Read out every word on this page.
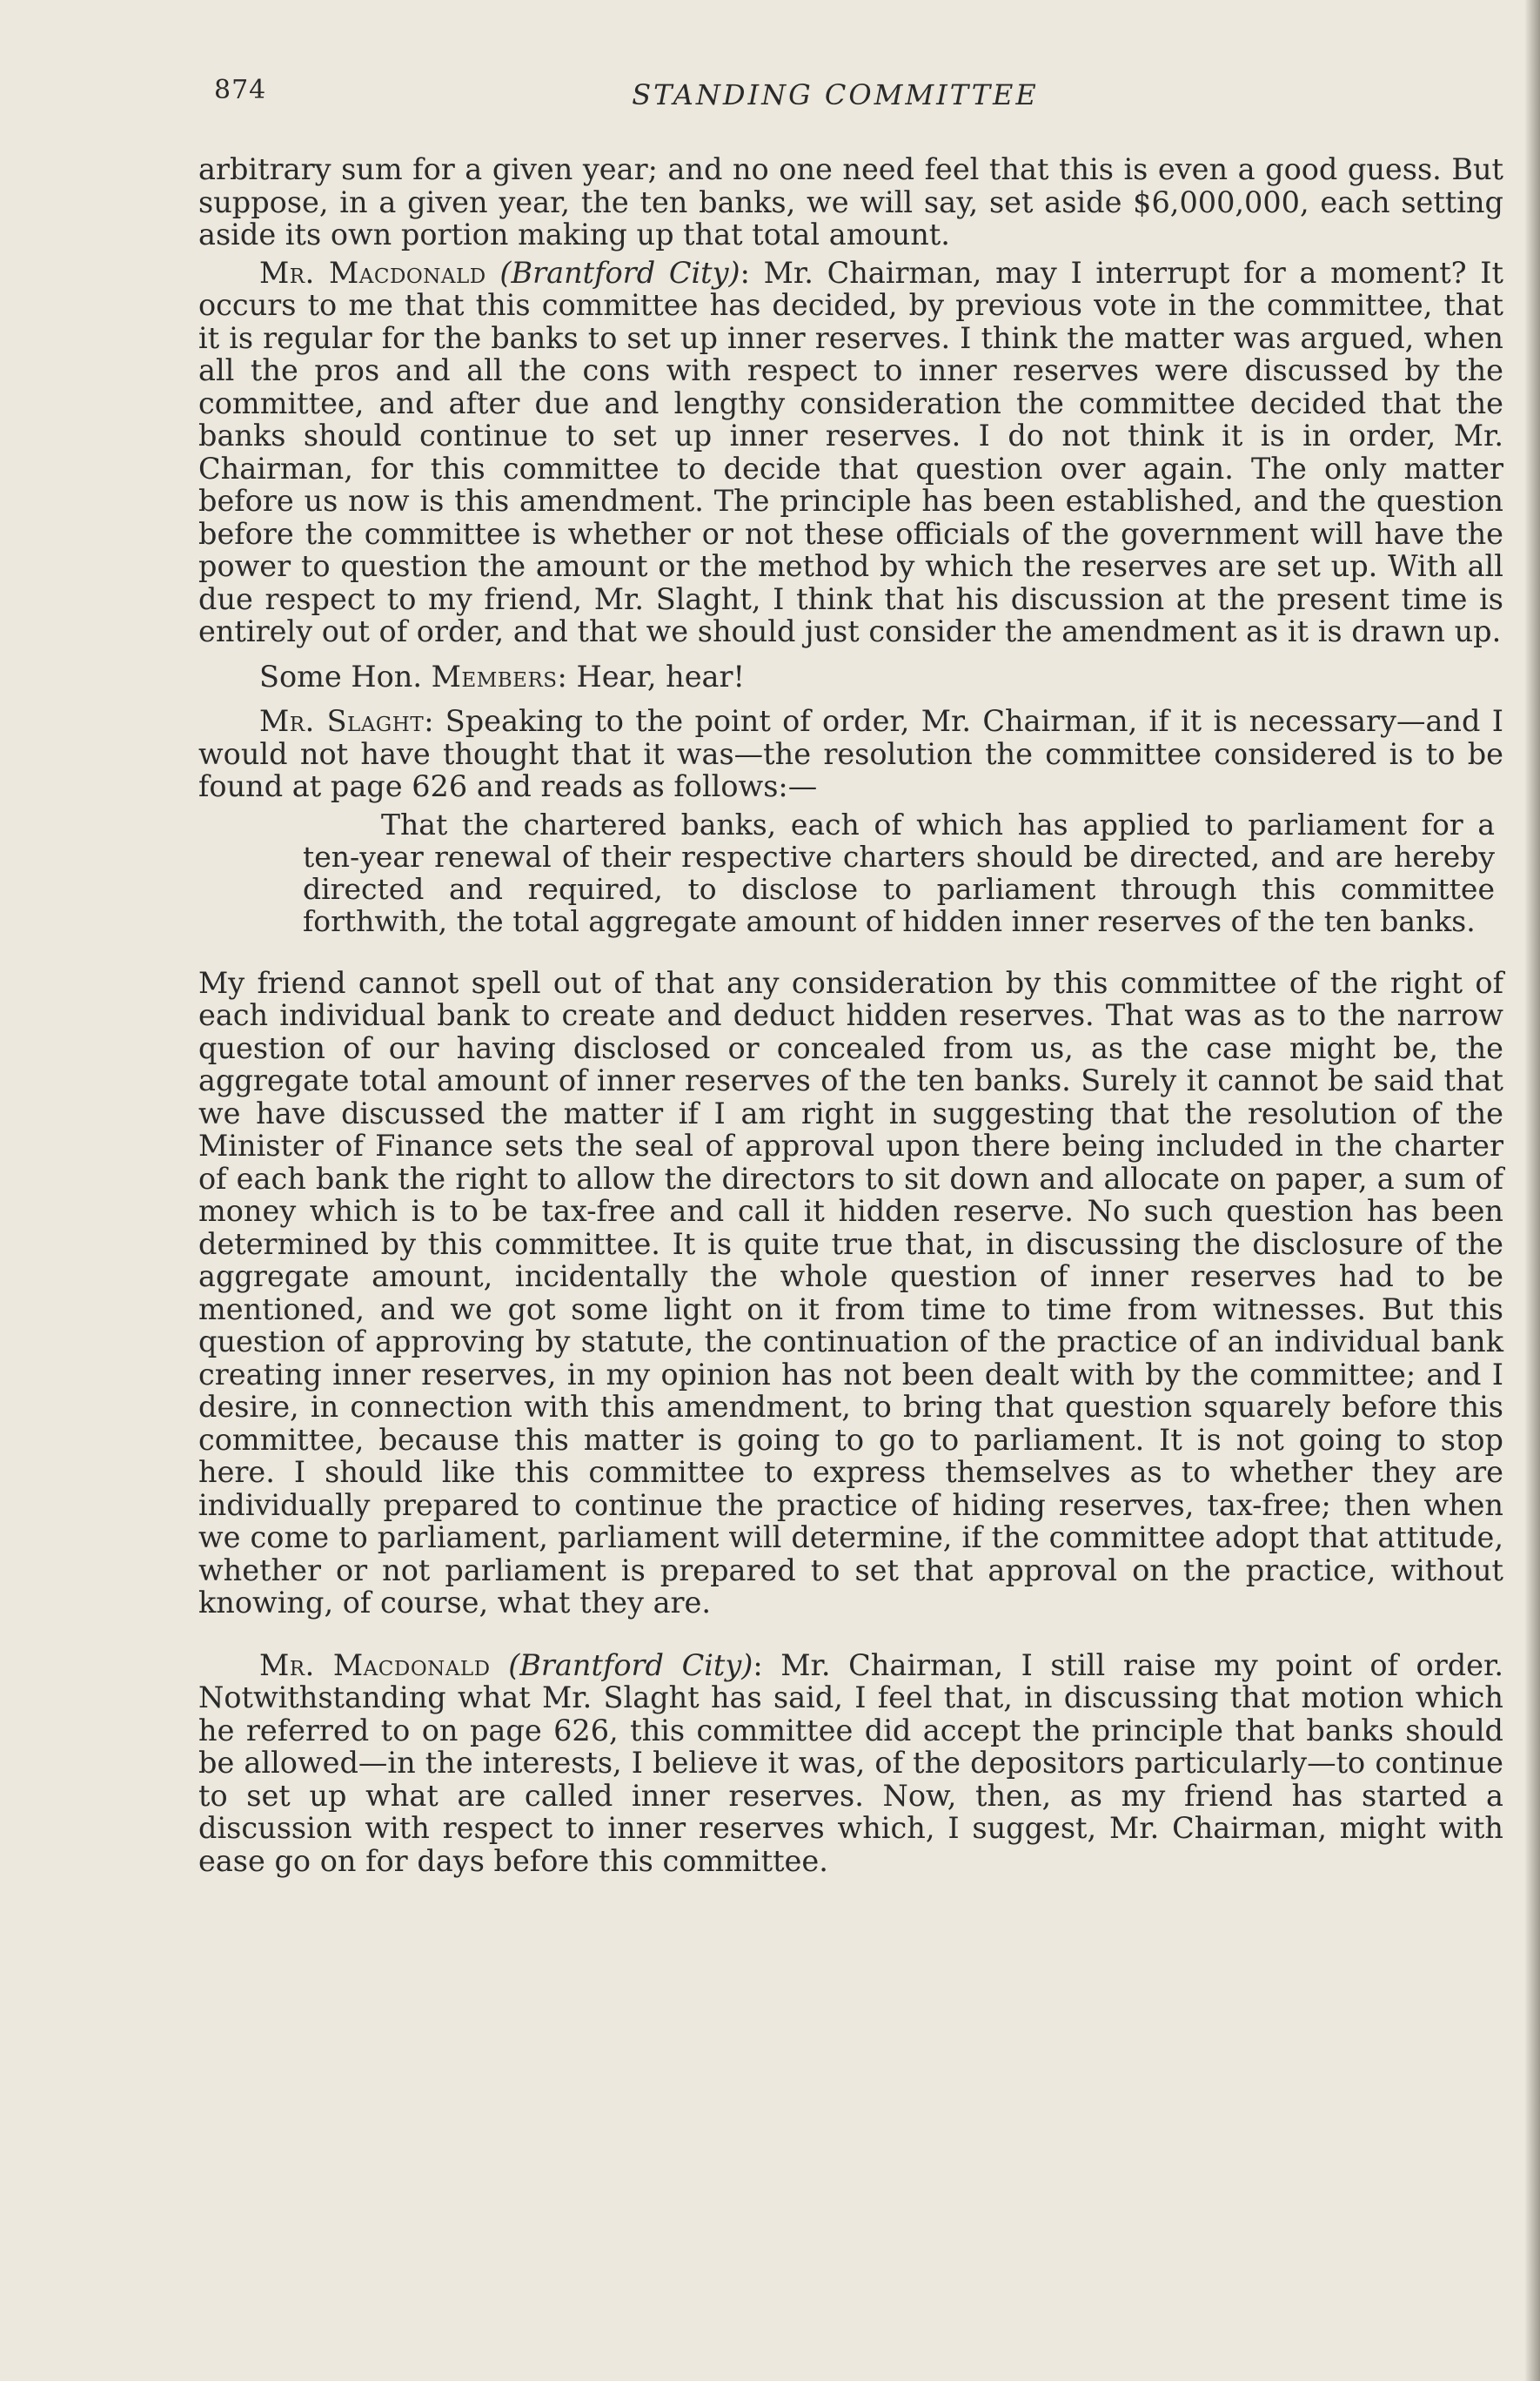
874	STANDING COMMITTEE

arbitrary sum for a given year; and no one need feel that this is even a good guess. But suppose, in a given year, the ten banks, we will say, set aside $6,000,000, each setting aside its own portion making up that total amount.

Mr. Macdonald (Brantford City): Mr. Chairman, may I interrupt for a moment? It occurs to me that this committee has decided, by previous vote in the committee, that it is regular for the banks to set up inner reserves. I think the matter was argued, when all the pros and all the cons with respect to inner reserves were discussed by the committee, and after due and lengthy consideration the committee decided that the banks should continue to set up inner reserves. I do not think it is in order, Mr. Chairman, for this committee to decide that question over again. The only matter before us now is this amendment. The principle has been established, and the question before the committee is whether or not these officials of the government will have the power to question the amount or the method by which the reserves are set up. With all due respect to my friend, Mr. Slaght, I think that his discussion at the present time is entirely out of order, and that we should just consider the amendment as it is drawn up.

Some Hon. Members: Hear, hear!

Mr. Slaght: Speaking to the point of order, Mr. Chairman, if it is necessary—and I would not have thought that it was—the resolution the committee considered is to be found at page 626 and reads as follows:—

That the chartered banks, each of which has applied to parliament for a ten-year renewal of their respective charters should be directed, and are hereby directed and required, to disclose to parliament through this committee forthwith, the total aggregate amount of hidden inner reserves of the ten banks.

My friend cannot spell out of that any consideration by this committee of the right of each individual bank to create and deduct hidden reserves. That was as to the narrow question of our having disclosed or concealed from us, as the case might be, the aggregate total amount of inner reserves of the ten banks. Surely it cannot be said that we have discussed the matter if I am right in suggesting that the resolution of the Minister of Finance sets the seal of approval upon there being included in the charter of each bank the right to allow the directors to sit down and allocate on paper, a sum of money which is to be tax-free and call it hidden reserve. No such question has been determined by this committee. It is quite true that, in discussing the disclosure of the aggregate amount, incidentally the whole question of inner reserves had to be mentioned, and we got some light on it from time to time from witnesses. But this question of approving by statute, the continuation of the practice of an individual bank creating inner reserves, in my opinion has not been dealt with by the committee; and I desire, in connection with this amendment, to bring that question squarely before this committee, because this matter is going to go to parliament. It is not going to stop here. I should like this committee to express themselves as to whether they are individually prepared to continue the practice of hiding reserves, tax-free; then when we come to parliament, parliament will determine, if the committee adopt that attitude, whether or not parliament is prepared to set that approval on the practice, without knowing, of course, what they are.

Mr. Macdonald (Brantford City): Mr. Chairman, I still raise my point of order. Notwithstanding what Mr. Slaght has said, I feel that, in discussing that motion which he referred to on page 626, this committee did accept the principle that banks should be allowed—in the interests, I believe it was, of the depositors particularly—to continue to set up what are called inner reserves. Now, then, as my friend has started a discussion with respect to inner reserves which, I suggest, Mr. Chairman, might with ease go on for days before this committee.
